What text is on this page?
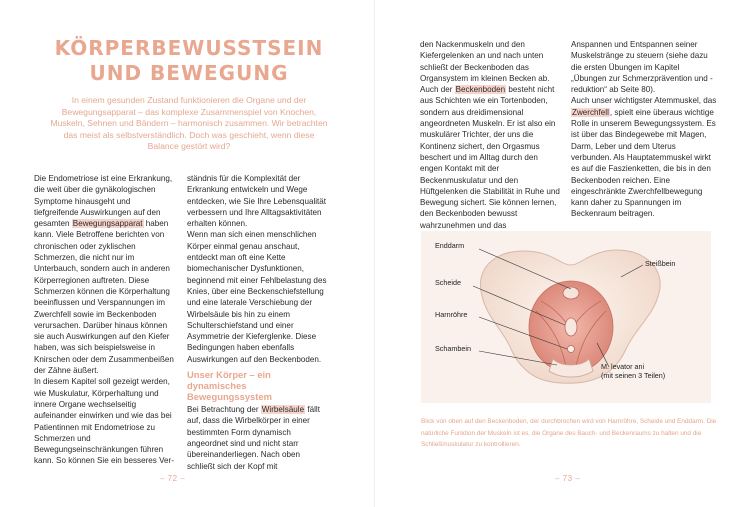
KÖRPERBEWUSSTSEIN
UND BEWEGUNG
In einem gesunden Zustand funktionieren die Organe und der Bewegungsapparat – das komplexe Zusammenspiel von Knochen, Muskeln, Sehnen und Bändern – harmonisch zusammen. Wir betrachten das meist als selbstverständlich. Doch was geschieht, wenn diese Balance gestört wird?

Die Endometriose ist eine Erkrankung, die weit über die gynäkologischen Symptome hinausgeht und tiefgreifende Auswirkungen auf den gesamten Bewegungsapparat haben kann. Viele Betroffene berichten von chronischen oder zyklischen Schmerzen, die nicht nur im Unterbauch, sondern auch in anderen Körperregionen auftreten. Diese Schmerzen können die Körperhaltung beeinflussen und Verspannungen im Zwerchfell sowie im Beckenboden verursachen. Darüber hinaus können sie auch Auswirkungen auf den Kiefer haben, was sich beispielsweise in Knirschen oder dem Zusammenbeißen der Zähne äußert.

In diesem Kapitel soll gezeigt werden, wie Muskulatur, Körperhaltung und innere Organe wechselseitig aufeinander einwirken und wie das bei Patientinnen mit Endometriose zu Schmerzen und Bewegungseinschränkungen führen kann. So können Sie ein besseres Ver-

ständnis für die Komplexität der Erkrankung entwickeln und Wege entdecken, wie Sie Ihre Lebensqualität verbessern und Ihre Alltagsaktivitäten erhalten können.

Wenn man sich einen menschlichen Körper einmal genau anschaut, entdeckt man oft eine Kette biomechanischer Dysfunktionen, beginnend mit einer Fehlbelastung des Knies, über eine Beckenschiefstellung und eine laterale Verschiebung der Wirbelsäule bis hin zu einem Schulterschiefstand und einer Asymmetrie der Kieferglenke. Diese Bedingungen haben ebenfalls Auswirkungen auf den Beckenboden.

Unser Körper – ein dynamisches Bewegungssystem

Bei Betrachtung der Wirbelsäule fällt auf, dass die Wirbelkörper in einer bestimmten Form dynamisch angeordnet sind und nicht starr übereinanderliegen. Nach oben schließt sich der Kopf mit

– 72 –

den Nackenmuskeln und den Kiefergelenken an und nach unten schließt der Beckenboden das Organsystem im kleinen Becken ab.

Auch der Beckenboden besteht nicht aus Schichten wie ein Tortenboden, sondern aus dreidimensional angeordneten Muskeln. Er ist also ein muskulärer Trichter, der uns die Kontinenz sichert, den Orgasmus beschert und im Alltag durch den engen Kontakt mit der Beckenmuskulatur und den Hüftgelenken die Stabilität in Ruhe und Bewegung sichert. Sie können lernen, den Beckenboden bewusst wahrzunehmen und das

Anspannen und Entspannen seiner Muskelstränge zu steuern (siehe dazu die ersten Übungen im Kapitel „Übungen zur Schmerzprävention und -reduktion“ ab Seite 80).

Auch unser wichtigster Atemmuskel, das Zwerchfell, spielt eine überaus wichtige Rolle in unserem Bewegungssystem. Es ist über das Bindegewebe mit Magen, Darm, Leber und dem Uterus verbunden. Als Hauptatemmuskel wirkt es auf die Faszienketten, die bis in den Beckenboden reichen. Eine eingeschränkte Zwerchfellbewegung kann daher zu Spannungen im Beckenraum beitragen.

Enddarm
Steißbein
Scheide
Harnröhre
Schambein
M. levator ani
(mit seinen 3 Teilen)
Blick von oben auf den Beckenboden, der durchbrochen wird von Harnröhre, Scheide und Enddarm. Die natürliche Funktion der Muskeln ist es, die Organe des Bauch- und Beckenraums zu halten und die Schließmuskulatur zu kontrollieren.
– 73 –
